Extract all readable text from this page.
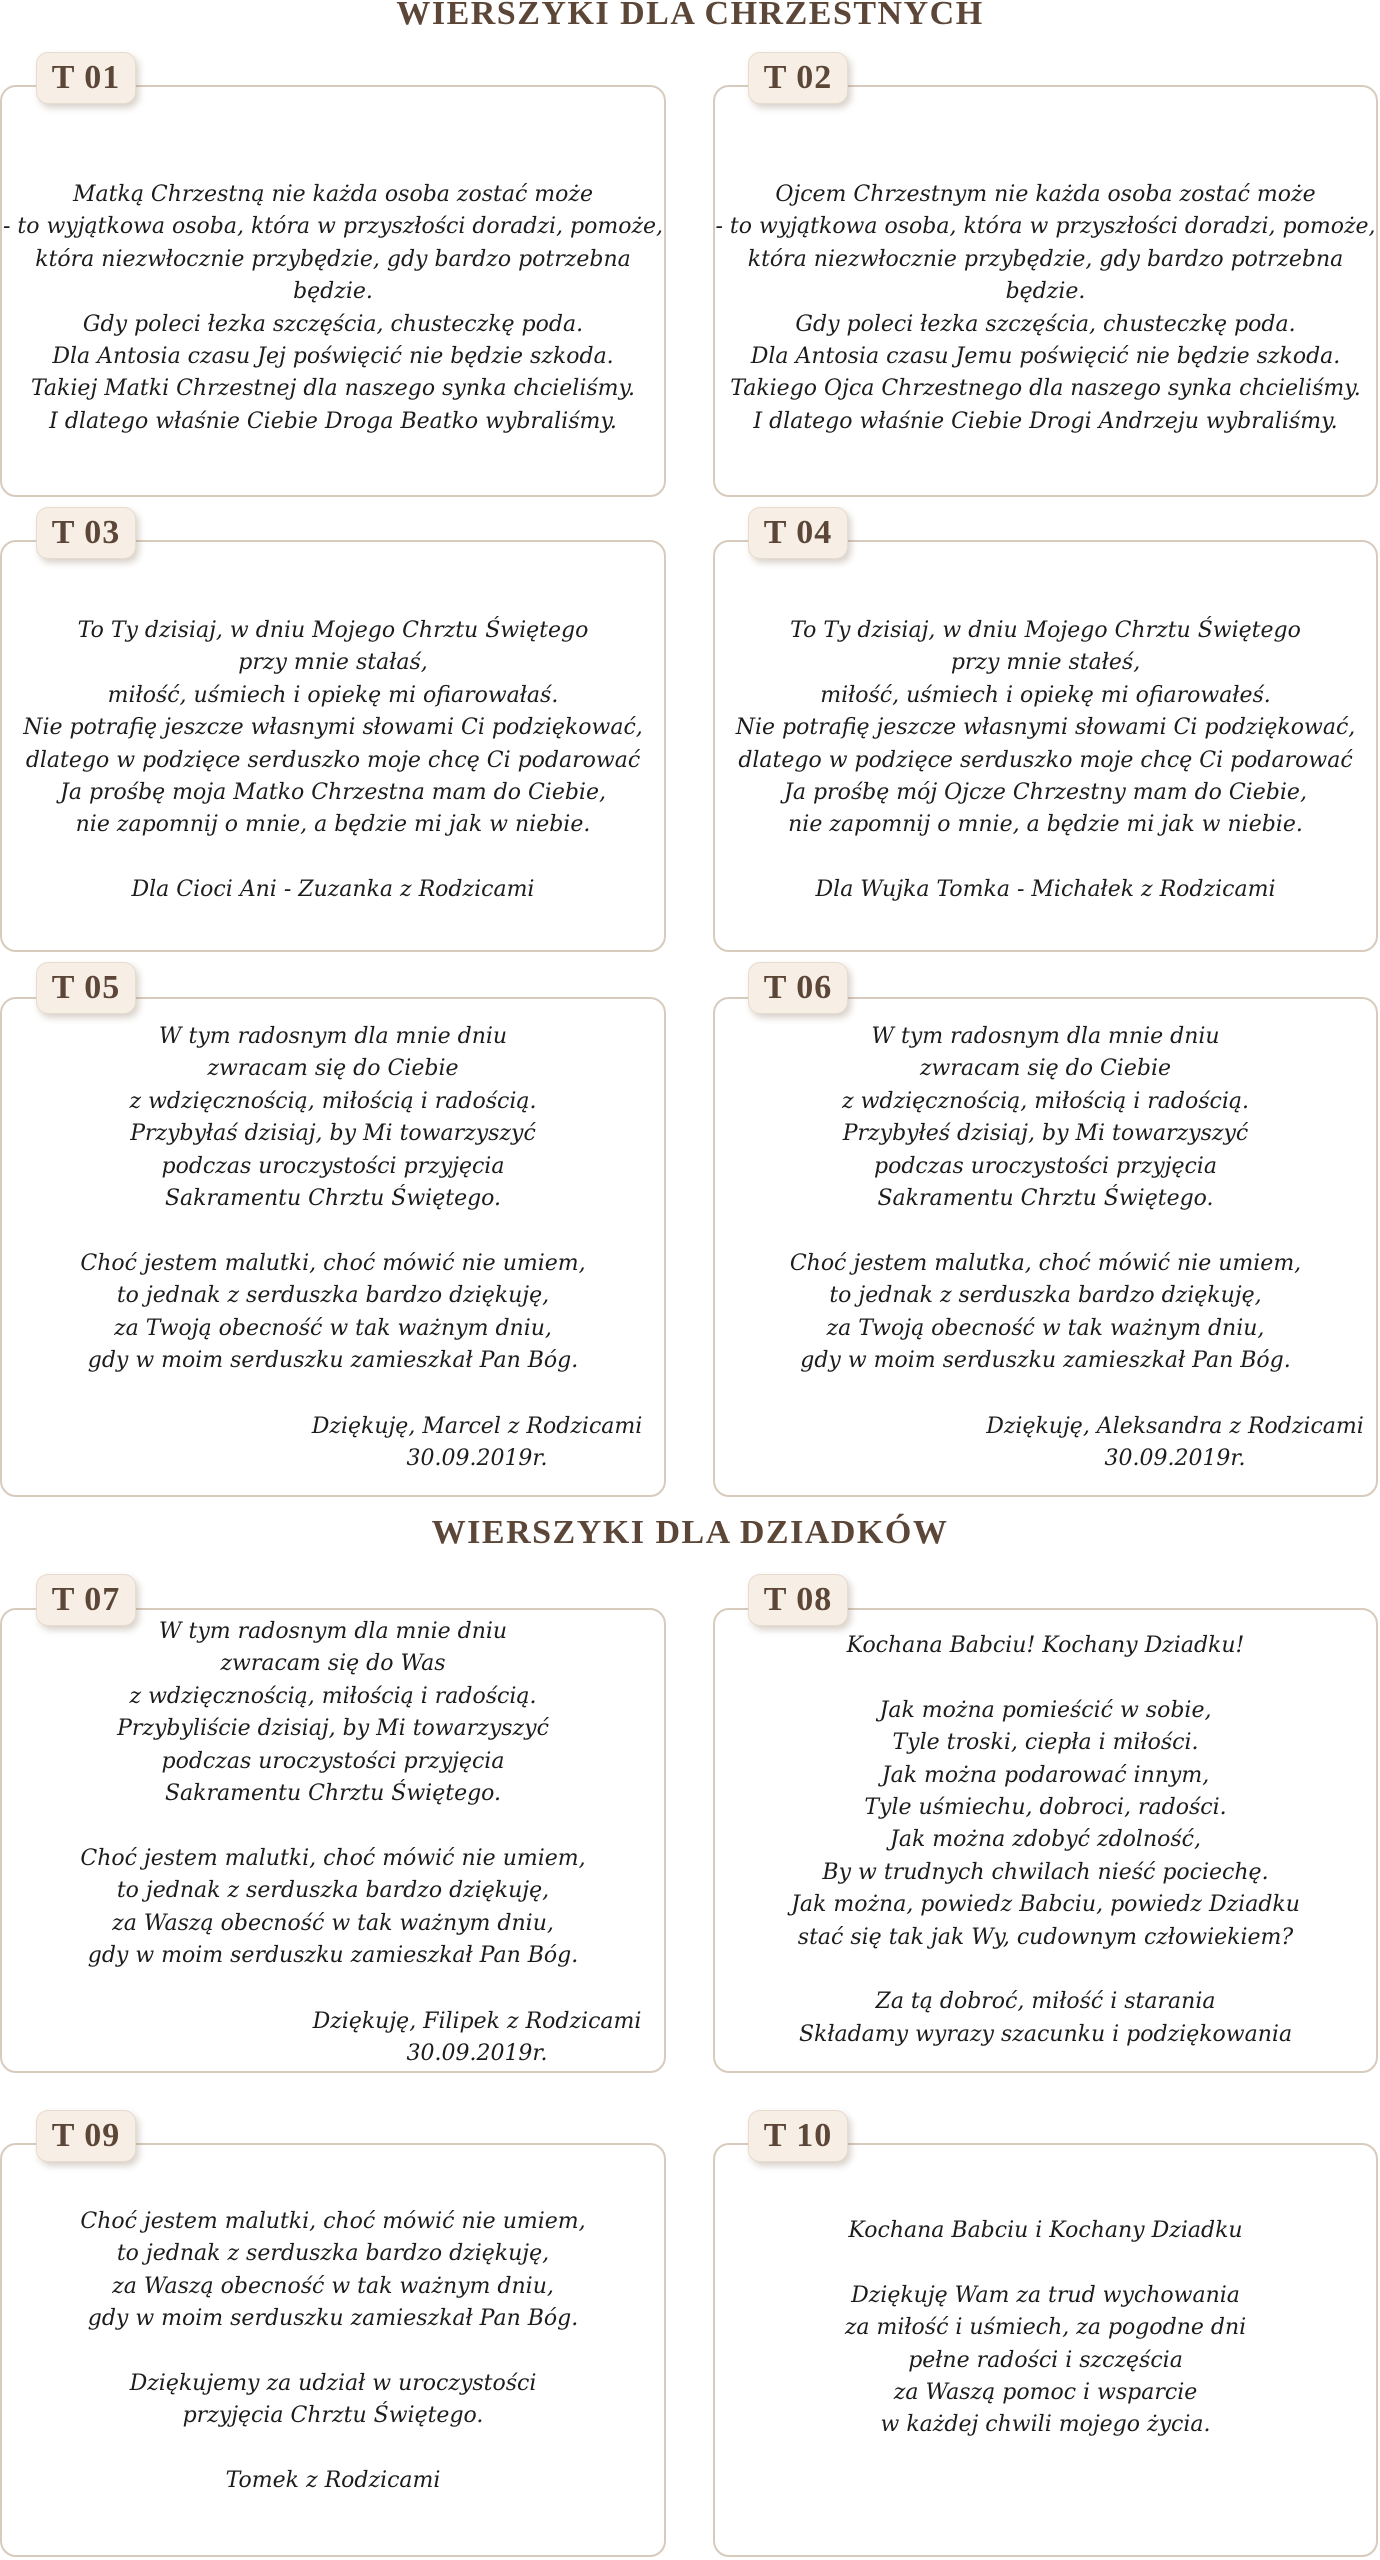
WIERSZYKI DLA CHRZESTNYCH
Matką Chrzestną nie każda osoba zostać może
- to wyjątkowa osoba, która w przyszłości doradzi, pomoże,
która niezwłocznie przybędzie, gdy bardzo potrzebna będzie.
Gdy poleci łezka szczęścia, chusteczkę poda.
Dla Antosia czasu Jej poświęcić nie będzie szkoda.
Takiej Matki Chrzestnej dla naszego synka chcieliśmy.
I dlatego właśnie Ciebie Droga Beatko wybraliśmy.
T 01
Ojcem Chrzestnym nie każda osoba zostać może
- to wyjątkowa osoba, która w przyszłości doradzi, pomoże,
która niezwłocznie przybędzie, gdy bardzo potrzebna będzie.
Gdy poleci łezka szczęścia, chusteczkę poda.
Dla Antosia czasu Jemu poświęcić nie będzie szkoda.
Takiego Ojca Chrzestnego dla naszego synka chcieliśmy.
I dlatego właśnie Ciebie Drogi Andrzeju wybraliśmy.
T 02
To Ty dzisiaj, w dniu Mojego Chrztu Świętego
przy mnie stałaś,
miłość, uśmiech i opiekę mi ofiarowałaś.
Nie potrafię jeszcze własnymi słowami Ci podziękować,
dlatego w podzięce serduszko moje chcę Ci podarować
Ja prośbę moja Matko Chrzestna mam do Ciebie,
nie zapomnij o mnie, a będzie mi jak w niebie.

Dla Cioci Ani - Zuzanka z Rodzicami
T 03
To Ty dzisiaj, w dniu Mojego Chrztu Świętego
przy mnie stałeś,
miłość, uśmiech i opiekę mi ofiarowałeś.
Nie potrafię jeszcze własnymi słowami Ci podziękować,
dlatego w podzięce serduszko moje chcę Ci podarować
Ja prośbę mój Ojcze Chrzestny mam do Ciebie,
nie zapomnij o mnie, a będzie mi jak w niebie.

Dla Wujka Tomka - Michałek z Rodzicami
T 04
W tym radosnym dla mnie dniu
zwracam się do Ciebie
z wdzięcznością, miłością i radością.
Przybyłaś dzisiaj, by Mi towarzyszyć
podczas uroczystości przyjęcia
Sakramentu Chrztu Świętego.

Choć jestem malutki, choć mówić nie umiem,
to jednak z serduszka bardzo dziękuję,
za Twoją obecność w tak ważnym dniu,
gdy w moim serduszku zamieszkał Pan Bóg.
Dziękuję, Marcel z Rodzicami
30.09.2019r.
T 05
W tym radosnym dla mnie dniu
zwracam się do Ciebie
z wdzięcznością, miłością i radością.
Przybyłeś dzisiaj, by Mi towarzyszyć
podczas uroczystości przyjęcia
Sakramentu Chrztu Świętego.

Choć jestem malutka, choć mówić nie umiem,
to jednak z serduszka bardzo dziękuję,
za Twoją obecność w tak ważnym dniu,
gdy w moim serduszku zamieszkał Pan Bóg.
Dziękuję, Aleksandra z Rodzicami
30.09.2019r.
T 06
WIERSZYKI DLA DZIADKÓW
W tym radosnym dla mnie dniu
zwracam się do Was
z wdzięcznością, miłością i radością.
Przybyliście dzisiaj, by Mi towarzyszyć
podczas uroczystości przyjęcia
Sakramentu Chrztu Świętego.

Choć jestem malutki, choć mówić nie umiem,
to jednak z serduszka bardzo dziękuję,
za Waszą obecność w tak ważnym dniu,
gdy w moim serduszku zamieszkał Pan Bóg.
Dziękuję, Filipek z Rodzicami
30.09.2019r.
T 07
Kochana Babciu! Kochany Dziadku!

Jak można pomieścić w sobie,
Tyle troski, ciepła i miłości.
Jak można podarować innym,
Tyle uśmiechu, dobroci, radości.
Jak można zdobyć zdolność,
By w trudnych chwilach nieść pociechę.
Jak można, powiedz Babciu, powiedz Dziadku
stać się tak jak Wy, cudownym człowiekiem?

Za tą dobroć, miłość i starania
Składamy wyrazy szacunku i podziękowania
T 08
Choć jestem malutki, choć mówić nie umiem,
to jednak z serduszka bardzo dziękuję,
za Waszą obecność w tak ważnym dniu,
gdy w moim serduszku zamieszkał Pan Bóg.

Dziękujemy za udział w uroczystości
przyjęcia Chrztu Świętego.

Tomek z Rodzicami
T 09
Kochana Babciu i Kochany Dziadku

Dziękuję Wam za trud wychowania
za miłość i uśmiech, za pogodne dni
pełne radości i szczęścia
za Waszą pomoc i wsparcie
w każdej chwili mojego życia.
T 10
